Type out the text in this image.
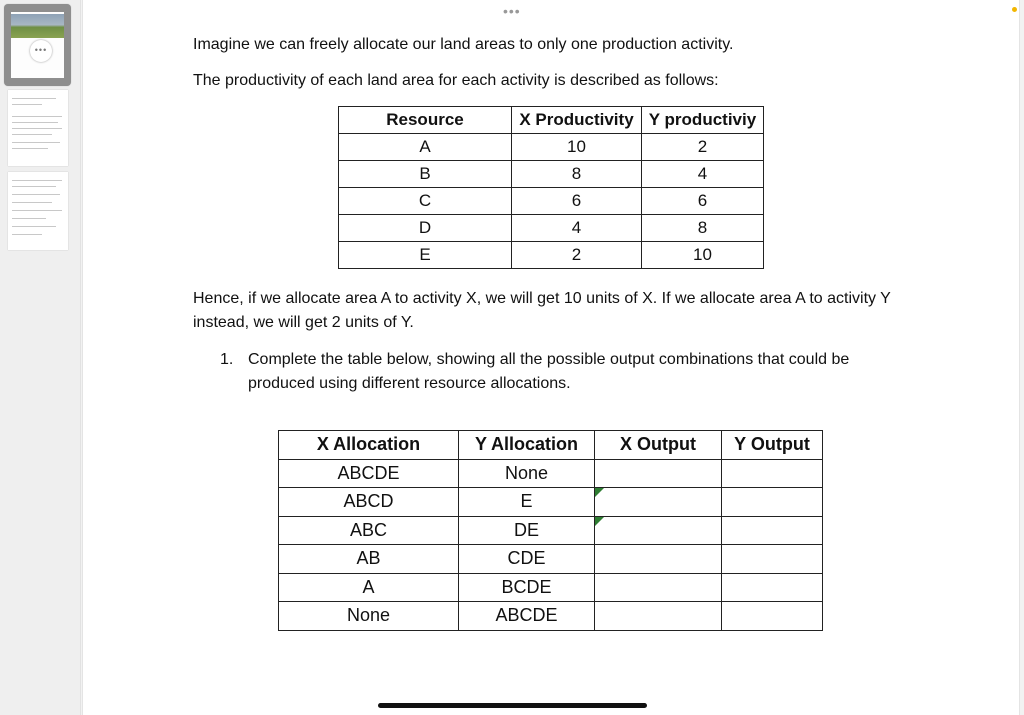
•••
•••
Imagine we can freely allocate our land areas to only one production activity.
The productivity of each land area for each activity is described as follows:
Resource	X Productivity	Y productiviy
A	10	2
B	8	4
C	6	6
D	4	8
E	2	10
Hence, if we allocate area A to activity X, we will get 10 units of X. If we allocate area A to activity Y instead, we will get 2 units of Y.
1. Complete the table below, showing all the possible output combinations that could be produced using different resource allocations.
X Allocation	Y Allocation	X Output	Y Output
ABCDE	None		
ABCD	E		
ABC	DE		
AB	CDE		
A	BCDE		
None	ABCDE		
